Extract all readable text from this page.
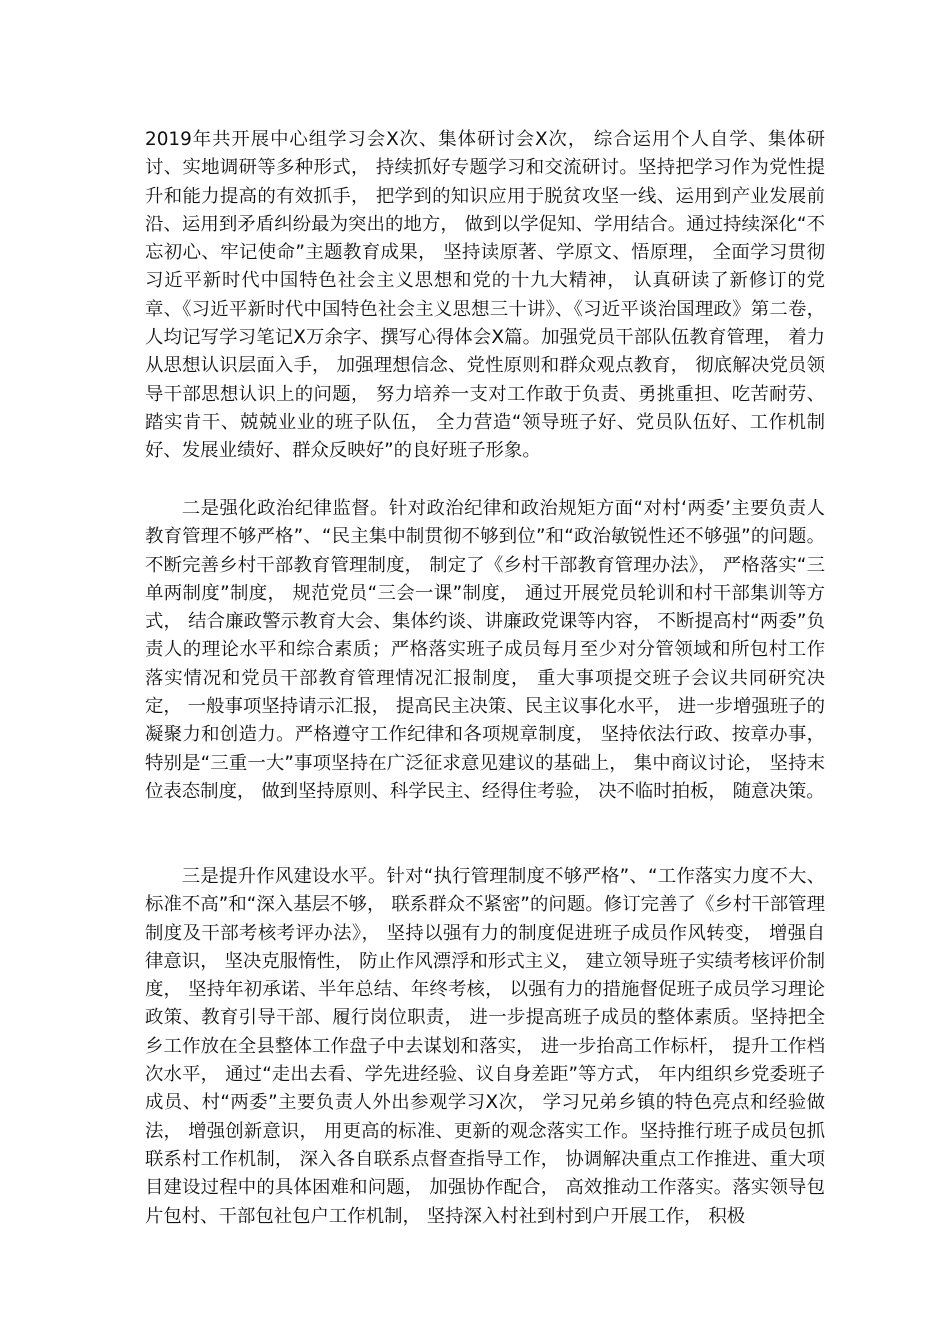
2019年共开展中心组学习会X次、集体研讨会X次， 综合运用个人自学、集体研讨、实地调研等多种形式， 持续抓好专题学习和交流研讨。坚持把学习作为党性提升和能力提高的有效抓手， 把学到的知识应用于脱贫攻坚一线、运用到产业发展前沿、运用到矛盾纠纷最为突出的地方， 做到以学促知、学用结合。通过持续深化“不忘初心、牢记使命”主题教育成果， 坚持读原著、学原文、悟原理， 全面学习贯彻习近平新时代中国特色社会主义思想和党的十九大精神， 认真研读了新修订的党章、《习近平新时代中国特色社会主义思想三十讲》、《习近平谈治国理政》第二卷， 人均记写学习笔记X万余字、撰写心得体会X篇。加强党员干部队伍教育管理， 着力从思想认识层面入手， 加强理想信念、党性原则和群众观点教育， 彻底解决党员领导干部思想认识上的问题， 努力培养一支对工作敢于负责、勇挑重担、吃苦耐劳、踏实肯干、兢兢业业的班子队伍， 全力营造“领导班子好、党员队伍好、工作机制好、发展业绩好、群众反映好”的良好班子形象。

二是强化政治纪律监督。针对政治纪律和政治规矩方面“对村‘两委’主要负责人教育管理不够严格”、“民主集中制贯彻不够到位”和“政治敏锐性还不够强”的问题。不断完善乡村干部教育管理制度， 制定了《乡村干部教育管理办法》， 严格落实“三单两制度”制度， 规范党员“三会一课”制度， 通过开展党员轮训和村干部集训等方式， 结合廉政警示教育大会、集体约谈、讲廉政党课等内容， 不断提高村“两委”负责人的理论水平和综合素质；严格落实班子成员每月至少对分管领域和所包村工作落实情况和党员干部教育管理情况汇报制度， 重大事项提交班子会议共同研究决定， 一般事项坚持请示汇报， 提高民主决策、民主议事化水平， 进一步增强班子的凝聚力和创造力。严格遵守工作纪律和各项规章制度， 坚持依法行政、按章办事， 特别是“三重一大”事项坚持在广泛征求意见建议的基础上， 集中商议讨论， 坚持末位表态制度， 做到坚持原则、科学民主、经得住考验， 决不临时拍板， 随意决策。

三是提升作风建设水平。针对“执行管理制度不够严格”、“工作落实力度不大、标准不高”和“深入基层不够， 联系群众不紧密”的问题。修订完善了《乡村干部管理制度及干部考核考评办法》， 坚持以强有力的制度促进班子成员作风转变， 增强自律意识， 坚决克服惰性， 防止作风漂浮和形式主义， 建立领导班子实绩考核评价制度， 坚持年初承诺、半年总结、年终考核， 以强有力的措施督促班子成员学习理论政策、教育引导干部、履行岗位职责， 进一步提高班子成员的整体素质。坚持把全乡工作放在全县整体工作盘子中去谋划和落实， 进一步抬高工作标杆， 提升工作档次水平， 通过“走出去看、学先进经验、议自身差距”等方式， 年内组织乡党委班子成员、村“两委”主要负责人外出参观学习X次， 学习兄弟乡镇的特色亮点和经验做法， 增强创新意识， 用更高的标准、更新的观念落实工作。坚持推行班子成员包抓联系村工作机制， 深入各自联系点督查指导工作， 协调解决重点工作推进、重大项目建设过程中的具体困难和问题， 加强协作配合， 高效推动工作落实。落实领导包片包村、干部包社包户工作机制， 坚持深入村社到村到户开展工作， 积极
